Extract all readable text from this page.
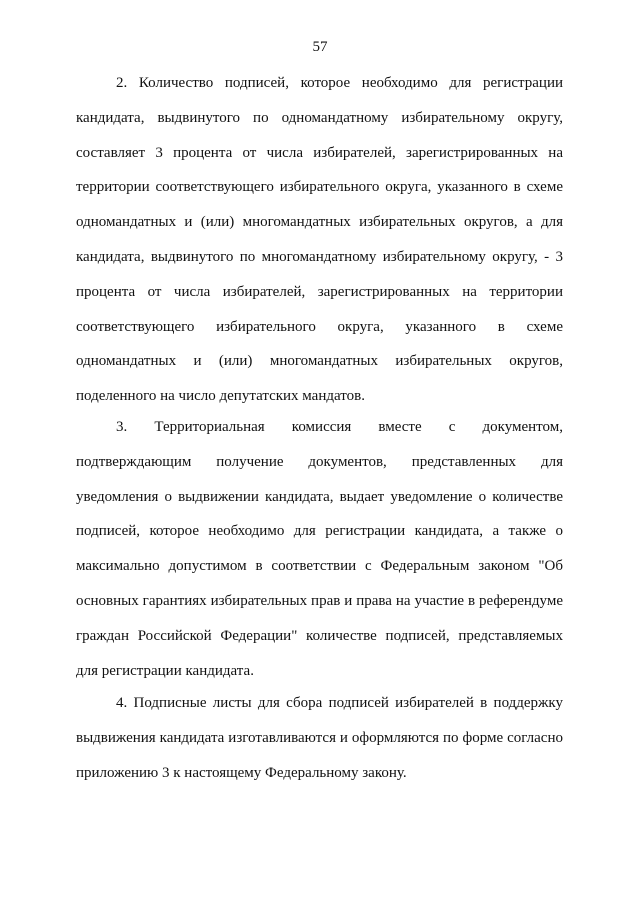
57

2. Количество подписей, которое необходимо для регистрации кандидата, выдвинутого по одномандатному избирательному округу, составляет 3 процента от числа избирателей, зарегистрированных на территории соответствующего избирательного округа, указанного в схеме одномандатных и (или) многомандатных избирательных округов, а для кандидата, выдвинутого по многомандатному избирательному округу, - 3 процента от числа избирателей, зарегистрированных на территории соответствующего избирательного округа, указанного в схеме одномандатных и (или) многомандатных избирательных округов, поделенного на число депутатских мандатов.

3. Территориальная комиссия вместе с документом, подтверждающим получение документов, представленных для уведомления о выдвижении кандидата, выдает уведомление о количестве подписей, которое необходимо для регистрации кандидата, а также о максимально допустимом в соответствии с Федеральным законом "Об основных гарантиях избирательных прав и права на участие в референдуме граждан Российской Федерации" количестве подписей, представляемых для регистрации кандидата.

4. Подписные листы для сбора подписей избирателей в поддержку выдвижения кандидата изготавливаются и оформляются по форме согласно приложению 3 к настоящему Федеральному закону.
